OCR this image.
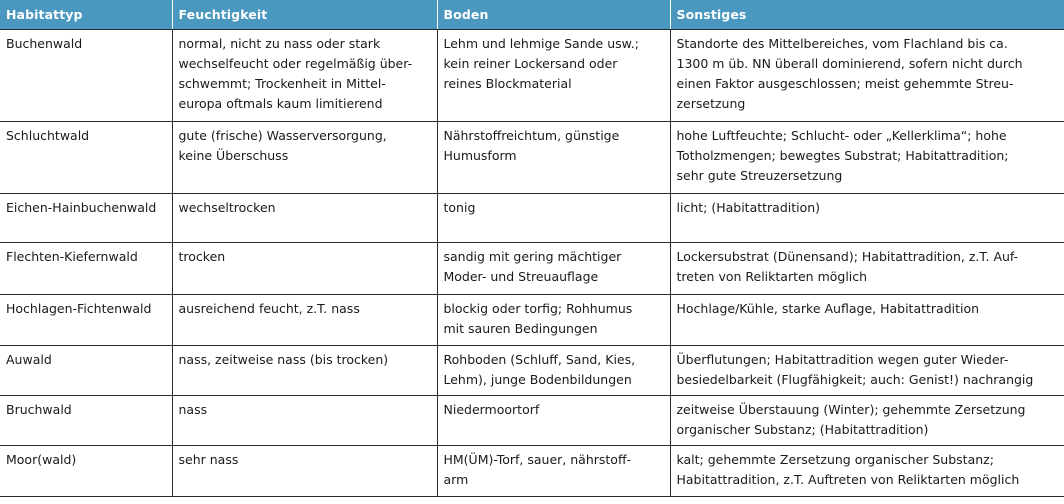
Habitattyp	Feuchtigkeit	Boden	Sonstiges

Buchenwald	normal, nicht zu nass oder stark
wechselfeucht oder regelmäßig über-
schwemmt; Trockenheit in Mittel-
europa oftmals kaum limitierend	Lehm und lehmige Sande usw.;
kein reiner Lockersand oder
reines Blockmaterial	Standorte des Mittelbereiches, vom Flachland bis ca.
1300 m üb. NN überall dominierend, sofern nicht durch
einen Faktor ausgeschlossen; meist gehemmte Streu-
zersetzung

Schluchtwald	gute (frische) Wasserversorgung,
keine Überschuss	Nährstoffreichtum, günstige
Humusform	hohe Luftfeuchte; Schlucht- oder „Kellerklima“; hohe
Totholzmengen; bewegtes Substrat; Habitattradition;
sehr gute Streuzersetzung

Eichen-Hainbuchenwald	wechseltrocken	tonig	licht; (Habitattradition)

Flechten-Kiefernwald	trocken	sandig mit gering mächtiger
Moder- und Streuauflage	Lockersubstrat (Dünensand); Habitattradition, z.T. Auf-
treten von Reliktarten möglich

Hochlagen-Fichtenwald	ausreichend feucht, z.T. nass	blockig oder torfig; Rohhumus
mit sauren Bedingungen	Hochlage/Kühle, starke Auflage, Habitattradition

Auwald	nass, zeitweise nass (bis trocken)	Rohboden (Schluff, Sand, Kies,
Lehm), junge Bodenbildungen	Überflutungen; Habitattradition wegen guter Wieder-
besiedelbarkeit (Flugfähigkeit; auch: Genist!) nachrangig

Bruchwald	nass	Niedermoortorf	zeitweise Überstauung (Winter); gehemmte Zersetzung
organischer Substanz; (Habitattradition)

Moor(wald)	sehr nass	HM(ÜM)-Torf, sauer, nährstoff-
arm	kalt; gehemmte Zersetzung organischer Substanz;
Habitattradition, z.T. Auftreten von Reliktarten möglich
